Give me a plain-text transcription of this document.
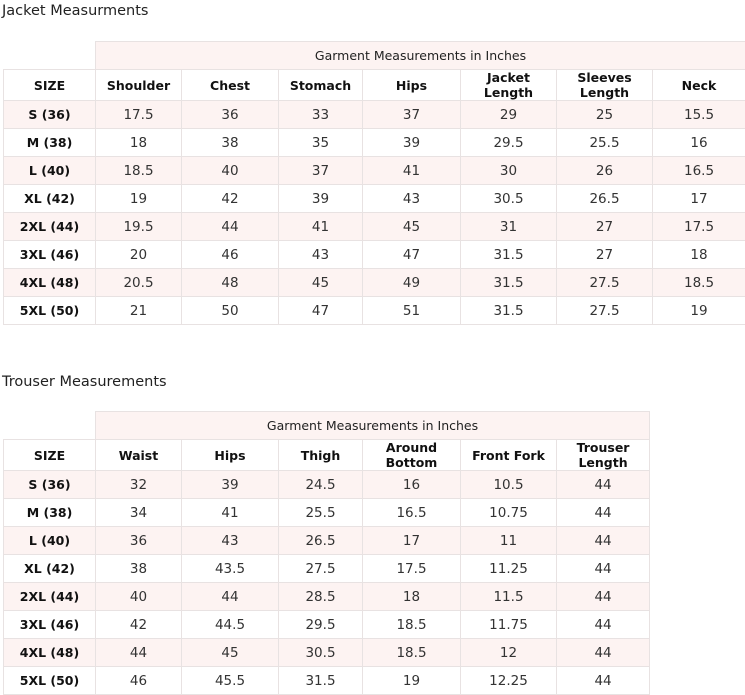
Jacket Measurments
	Garment Measurements in Inches						
SIZE	Shoulder	Chest	Stomach	Hips	Jacket Length	Sleeves Length	Neck
S (36)	17.5	36	33	37	29	25	15.5
M (38)	18	38	35	39	29.5	25.5	16
L (40)	18.5	40	37	41	30	26	16.5
XL (42)	19	42	39	43	30.5	26.5	17
2XL (44)	19.5	44	41	45	31	27	17.5
3XL (46)	20	46	43	47	31.5	27	18
4XL (48)	20.5	48	45	49	31.5	27.5	18.5
5XL (50)	21	50	47	51	31.5	27.5	19
Trouser Measurements
	Garment Measurements in Inches					
SIZE	Waist	Hips	Thigh	Around Bottom	Front Fork	Trouser Length
S (36)	32	39	24.5	16	10.5	44
M (38)	34	41	25.5	16.5	10.75	44
L (40)	36	43	26.5	17	11	44
XL (42)	38	43.5	27.5	17.5	11.25	44
2XL (44)	40	44	28.5	18	11.5	44
3XL (46)	42	44.5	29.5	18.5	11.75	44
4XL (48)	44	45	30.5	18.5	12	44
5XL (50)	46	45.5	31.5	19	12.25	44
